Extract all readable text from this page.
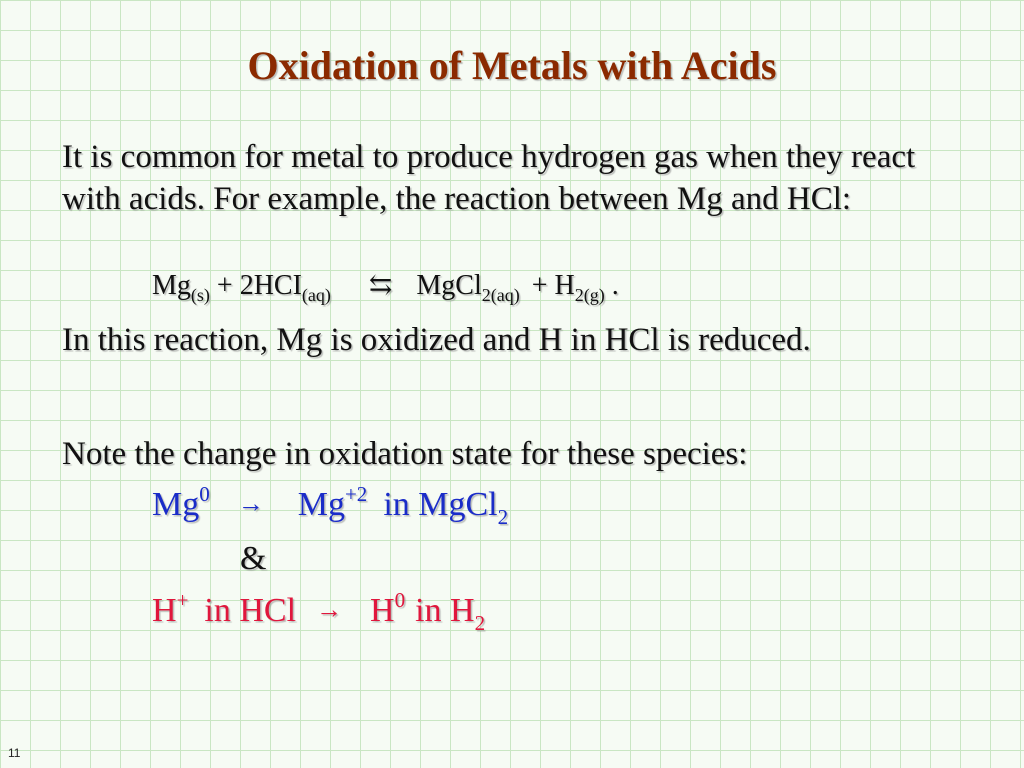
Oxidation of Metals with Acids
It is common for metal to produce hydrogen gas when they react with acids. For example, the reaction between Mg and HCl:
$Mg_{(s)} + 2HCI_{(aq)}$ ⇆ MgCl$_{2(aq)}$ + $H_{2(g)}$ .
In this reaction, Mg is oxidized and H in HCl is reduced.
Note the change in oxidation state for these species:
$Mg^0 \to Mg^{+2}$ in MgCl$_2$
&
H+ in HCl → $H^0$ in $H_2$
11
